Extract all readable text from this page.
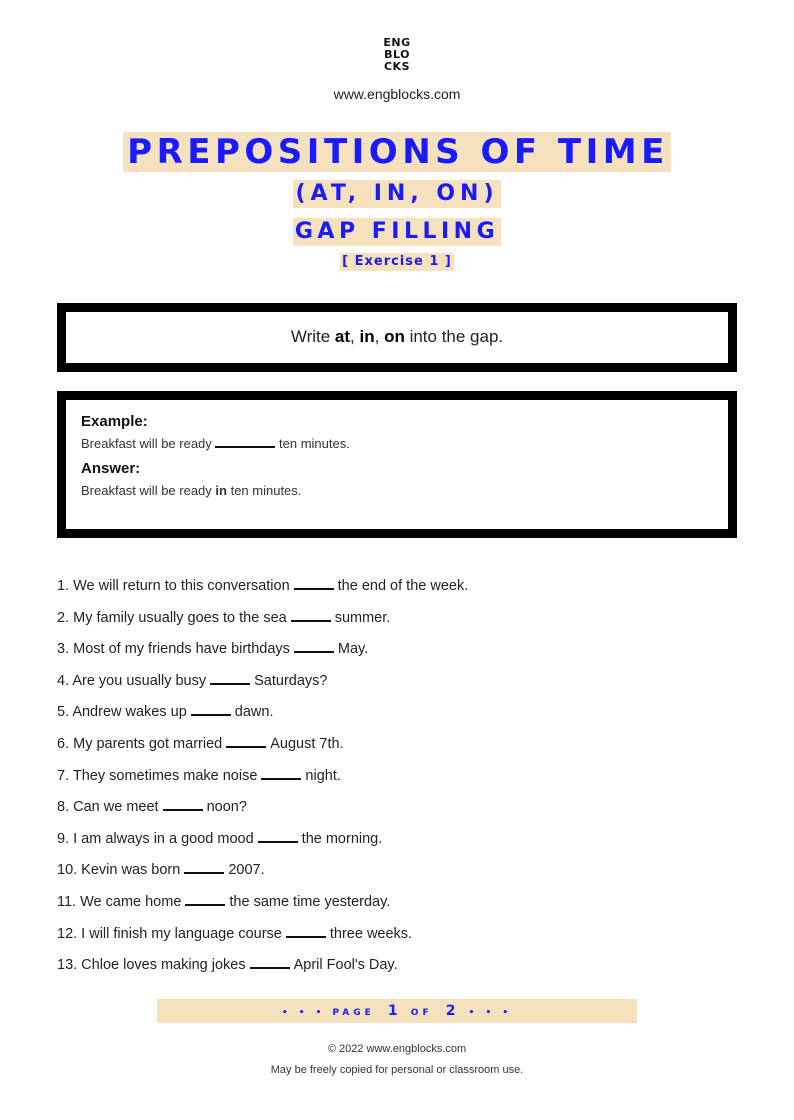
ENG
BLO
CKS
www.engblocks.com
PREPOSITIONS OF TIME
(AT, IN, ON)
GAP FILLING
[ Exercise 1 ]
Write at, in, on into the gap.
Example:
Breakfast will be ready	ten minutes.
Answer:
Breakfast will be ready in ten minutes.
1. We will return to this conversation	the end of the week.
2. My family usually goes to the sea	summer.
3. Most of my friends have birthdays	May.
4. Are you usually busy	Saturdays?
5. Andrew wakes up	dawn.
6. My parents got married	August 7th.
7. They sometimes make noise	night.
8. Can we meet	noon?
9. I am always in a good mood	the morning.
10. Kevin was born	2007.
11. We came home	the same time yesterday.
12. I will finish my language course	three weeks.
13. Chloe loves making jokes	April Fool's Day.
• • • PAGE 1 OF 2 • • •
© 2022 www.engblocks.com
May be freely copied for personal or classroom use.
